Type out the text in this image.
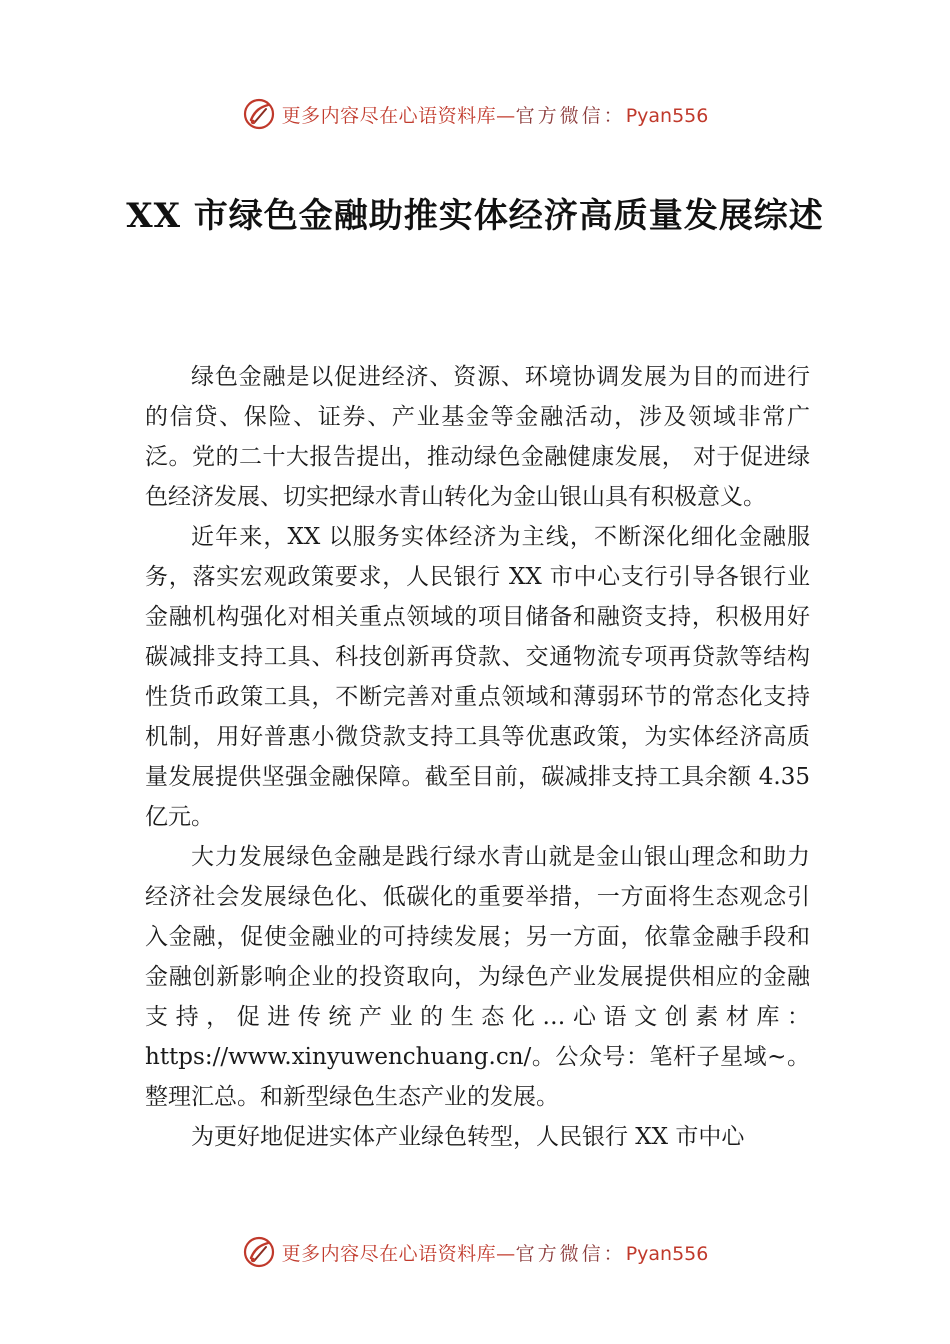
更多内容尽在心语资料库—官方微信：Pyan556
XX 市绿色金融助推实体经济高质量发展综述

绿色金融是以促进经济、资源、环境协调发展为目的而进行的信贷、保险、证券、产业基金等金融活动，涉及领域非常广泛。党的二十大报告提出，推动绿色金融健康发展， 对于促进绿色经济发展、切实把绿水青山转化为金山银山具有积极意义。

近年来，XX 以服务实体经济为主线，不断深化细化金融服务，落实宏观政策要求，人民银行 XX 市中心支行引导各银行业金融机构强化对相关重点领域的项目储备和融资支持，积极用好碳减排支持工具、科技创新再贷款、交通物流专项再贷款等结构性货币政策工具，不断完善对重点领域和薄弱环节的常态化支持机制，用好普惠小微贷款支持工具等优惠政策，为实体经济高质量发展提供坚强金融保障。截至目前，碳减排支持工具余额 4.35 亿元。

大力发展绿色金融是践行绿水青山就是金山银山理念和助力经济社会发展绿色化、低碳化的重要举措，一方面将生态观念引入金融，促使金融业的可持续发展；另一方面，依靠金融手段和金融创新影响企业的投资取向，为绿色产业发展提供相应的金融支持，促进传统产业的生态化…心语文创素材库：https://www.xinyuwenchuang.cn/。公众号：笔杆子星域~。整理汇总。和新型绿色生态产业的发展。

为更好地促进实体产业绿色转型，人民银行 XX 市中心

更多内容尽在心语资料库—官方微信：Pyan556
